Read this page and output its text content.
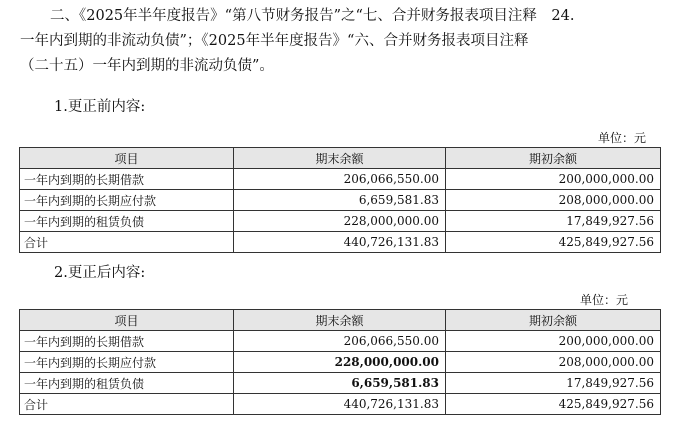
二、《2025年半年度报告》“第八节财务报告”之“七、合并财务报表项目注释　24.
一年内到期的非流动负债”；《2025年半年度报告》“六、合并财务报表项目注释
（二十五）一年内到期的非流动负债”。
1.更正前内容:
单位：元
项目	期末余额	期初余额
一年内到期的长期借款	206,066,550.00	200,000,000.00
一年内到期的长期应付款	6,659,581.83	208,000,000.00
一年内到期的租赁负债	228,000,000.00	17,849,927.56
合计	440,726,131.83	425,849,927.56
2.更正后内容:
单位：元
项目	期末余额	期初余额
一年内到期的长期借款	206,066,550.00	200,000,000.00
一年内到期的长期应付款	228,000,000.00	208,000,000.00
一年内到期的租赁负债	6,659,581.83	17,849,927.56
合计	440,726,131.83	425,849,927.56
